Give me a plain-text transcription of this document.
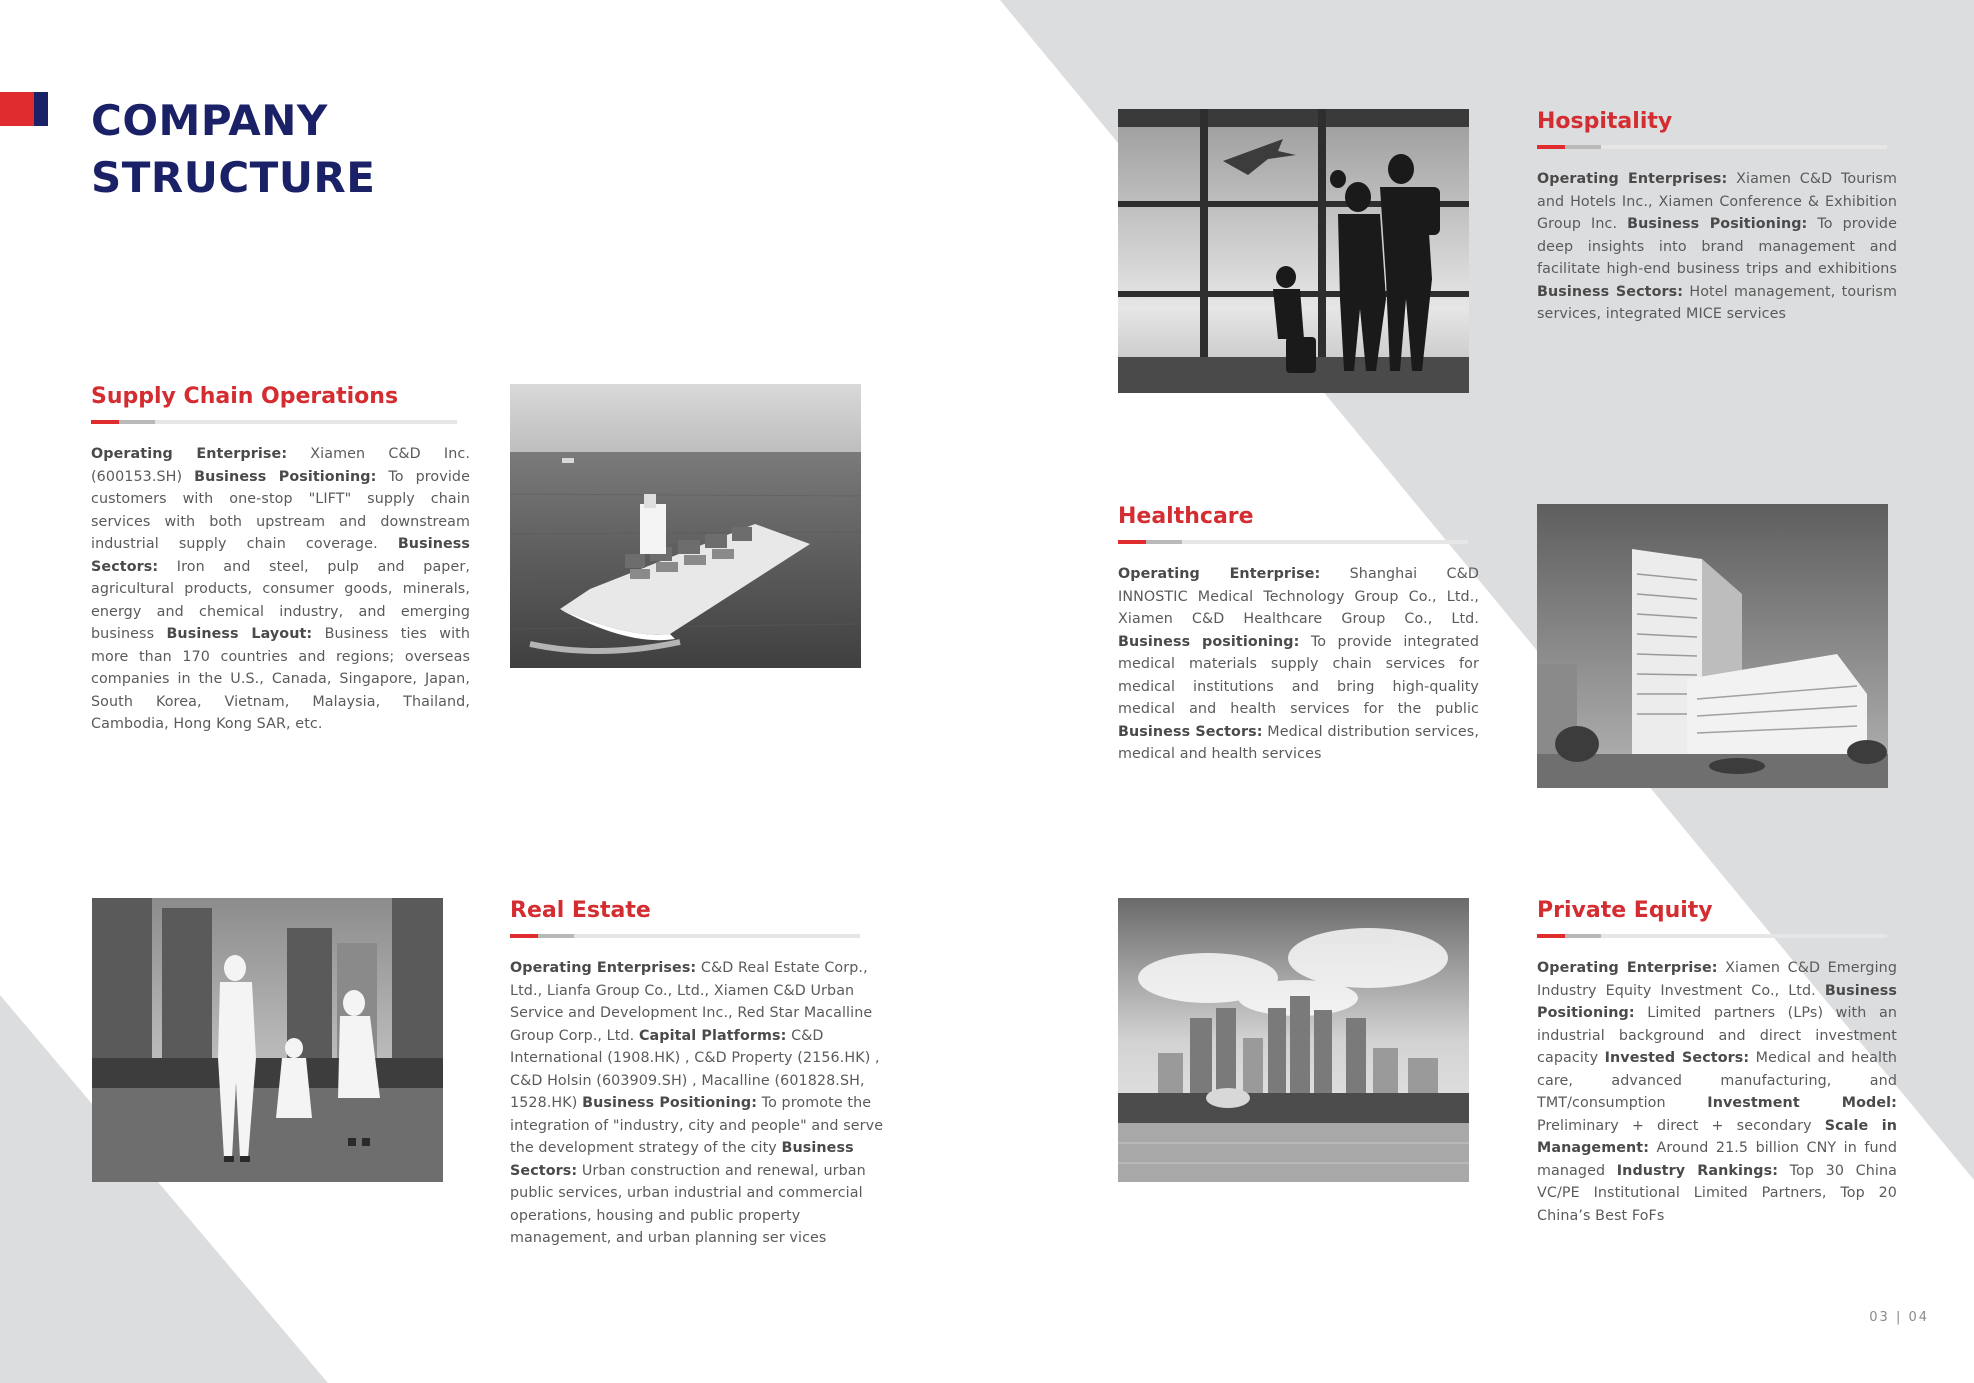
COMPANY
STRUCTURE
Supply Chain Operations

Operating Enterprise: Xiamen C&D Inc. (600153.SH) Business Positioning: To provide customers with one-stop "LIFT" supply chain services with both upstream and downstream industrial supply chain coverage. Business Sectors: Iron and steel, pulp and paper, agricultural products, consumer goods, minerals, energy and chemical industry, and emerging business Business Layout: Business ties with more than 170 countries and regions; overseas companies in the U.S., Canada, Singapore, Japan, South Korea, Vietnam, Malaysia, Thailand, Cambodia, Hong Kong SAR, etc.

Hospitality

Operating Enterprises: Xiamen C&D Tourism and Hotels Inc., Xiamen Conference & Exhibition Group Inc. Business Positioning: To provide deep insights into brand management and facilitate high-end business trips and exhibitions Business Sectors: Hotel management, tourism services, integrated MICE services

Healthcare

Operating Enterprise: Shanghai C&D INNOSTIC Medical Technology Group Co., Ltd., Xiamen C&D Healthcare Group Co., Ltd. Business positioning: To provide integrated medical materials supply chain services for medical institutions and bring high-quality medical and health services for the public Business Sectors: Medical distribution services, medical and health services

Real Estate

Operating Enterprises: C&D Real Estate Corp., Ltd., Lianfa Group Co., Ltd., Xiamen C&D Urban Service and Development Inc., Red Star Macalline Group Corp., Ltd. Capital Platforms: C&D International (1908.HK) , C&D Property (2156.HK) , C&D Holsin (603909.SH) , Macalline (601828.SH, 1528.HK) Business Positioning: To promote the integration of "industry, city and people" and serve the development strategy of the city Business Sectors: Urban construction and renewal, urban public services, urban industrial and commercial operations, housing and public property management, and urban planning ser vices

Private Equity

Operating Enterprise: Xiamen C&D Emerging Industry Equity Investment Co., Ltd. Business Positioning: Limited partners (LPs) with an industrial background and direct investment capacity Invested Sectors: Medical and health care, advanced manufacturing, and TMT/consumption Investment Model: Preliminary + direct + secondary Scale in Management: Around 21.5 billion CNY in fund managed Industry Rankings: Top 30 China VC/PE Institutional Limited Partners, Top 20 China’s Best FoFs

03 | 04
